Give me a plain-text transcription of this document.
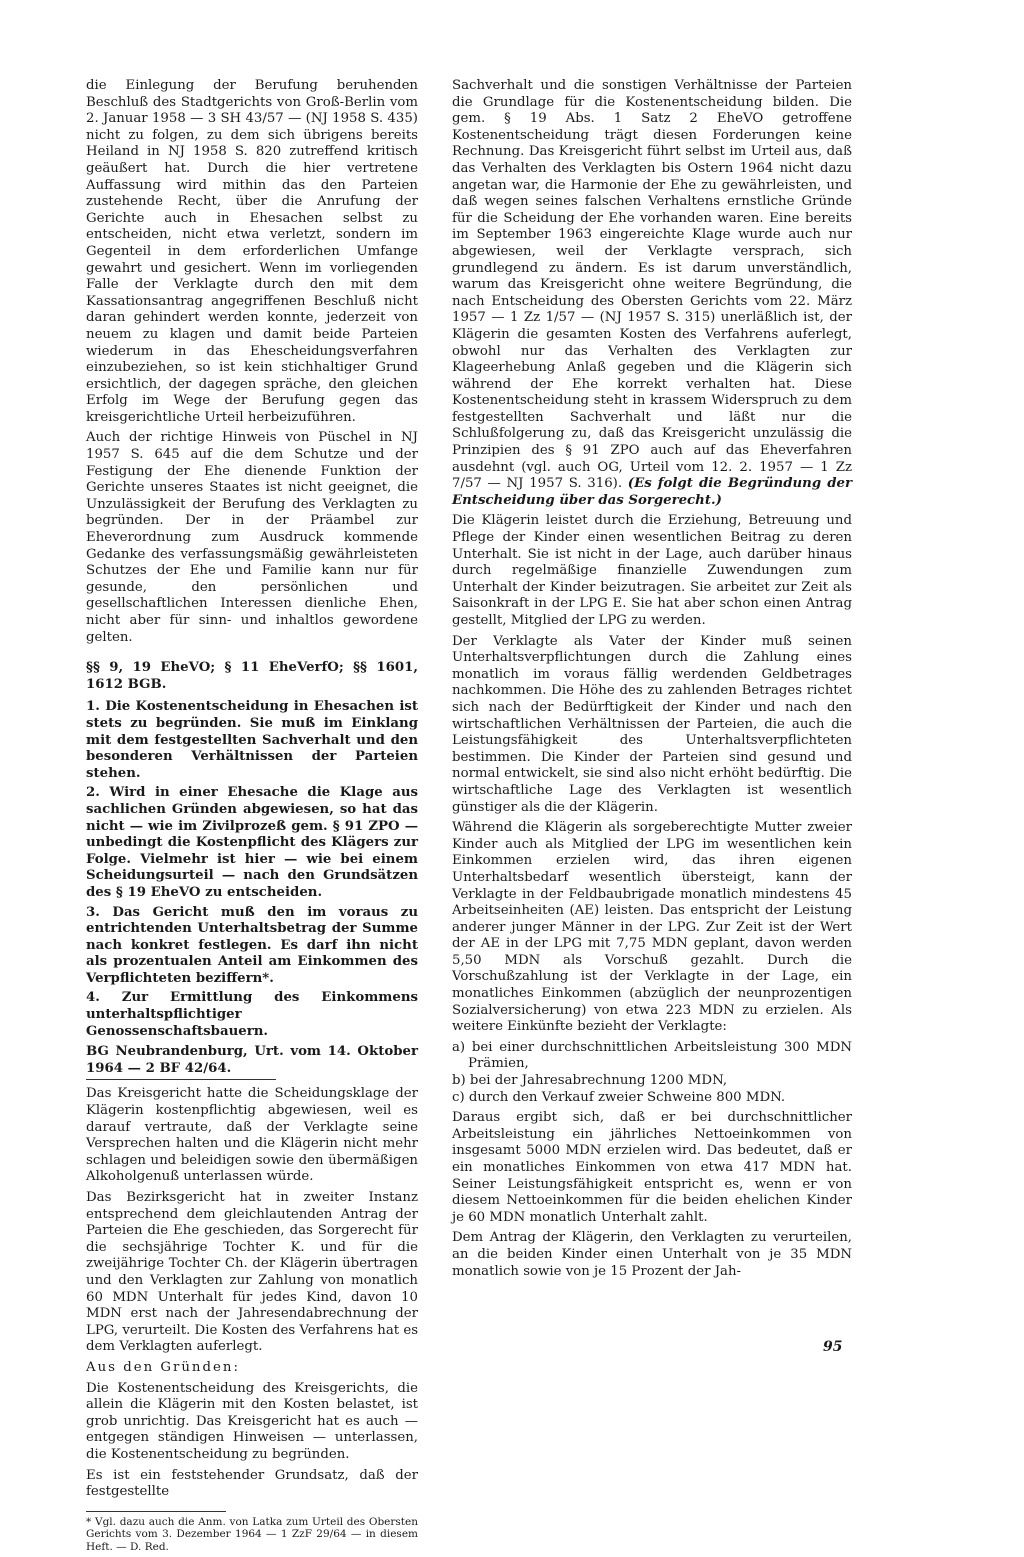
die Einlegung der Berufung beruhenden Beschluß des Stadtgerichts von Groß-Berlin vom 2. Januar 1958 — 3 SH 43/57 — (NJ 1958 S. 435) nicht zu folgen, zu dem sich übrigens bereits Heiland in NJ 1958 S. 820 zutreffend kritisch geäußert hat. Durch die hier vertretene Auffassung wird mithin das den Parteien zustehende Recht, über die Anrufung der Gerichte auch in Ehesachen selbst zu entscheiden, nicht etwa verletzt, sondern im Gegenteil in dem erforderlichen Umfange gewahrt und gesichert. Wenn im vorliegenden Falle der Verklagte durch den mit dem Kassationsantrag angegriffenen Beschluß nicht daran gehindert werden konnte, jederzeit von neuem zu klagen und damit beide Parteien wiederum in das Ehescheidungsverfahren einzubeziehen, so ist kein stichhaltiger Grund ersichtlich, der dagegen spräche, den gleichen Erfolg im Wege der Berufung gegen das kreisgerichtliche Urteil herbeizuführen.

Auch der richtige Hinweis von Püschel in NJ 1957 S. 645 auf die dem Schutze und der Festigung der Ehe dienende Funktion der Gerichte unseres Staates ist nicht geeignet, die Unzulässigkeit der Berufung des Verklagten zu begründen. Der in der Präambel zur Eheverordnung zum Ausdruck kommende Gedanke des verfassungsmäßig gewährleisteten Schutzes der Ehe und Familie kann nur für gesunde, den persönlichen und gesellschaftlichen Interessen dienliche Ehen, nicht aber für sinn- und inhaltlos gewordene gelten.

§§ 9, 19 EheVO; § 11 EheVerfO; §§ 1601, 1612 BGB.

1. Die Kostenentscheidung in Ehesachen ist stets zu begründen. Sie muß im Einklang mit dem festgestellten Sachverhalt und den besonderen Verhältnissen der Parteien stehen.

2. Wird in einer Ehesache die Klage aus sachlichen Gründen abgewiesen, so hat das nicht — wie im Zivilprozeß gem. § 91 ZPO — unbedingt die Kostenpflicht des Klägers zur Folge. Vielmehr ist hier — wie bei einem Scheidungsurteil — nach den Grundsätzen des § 19 EheVO zu entscheiden.

3. Das Gericht muß den im voraus zu entrichtenden Unterhaltsbetrag der Summe nach konkret festlegen. Es darf ihn nicht als prozentualen Anteil am Einkommen des Verpflichteten beziffern*.

4. Zur Ermittlung des Einkommens unterhaltspflichtiger Genossenschaftsbauern.

BG Neubrandenburg, Urt. vom 14. Oktober 1964 — 2 BF 42/64.

Das Kreisgericht hatte die Scheidungsklage der Klägerin kostenpflichtig abgewiesen, weil es darauf vertraute, daß der Verklagte seine Versprechen halten und die Klägerin nicht mehr schlagen und beleidigen sowie den übermäßigen Alkoholgenuß unterlassen würde.

Das Bezirksgericht hat in zweiter Instanz entsprechend dem gleichlautenden Antrag der Parteien die Ehe geschieden, das Sorgerecht für die sechsjährige Tochter K. und für die zweijährige Tochter Ch. der Klägerin übertragen und den Verklagten zur Zahlung von monatlich 60 MDN Unterhalt für jedes Kind, davon 10 MDN erst nach der Jahresendabrechnung der LPG, verurteilt. Die Kosten des Verfahrens hat es dem Verklagten auferlegt.

Aus den Gründen:

Die Kostenentscheidung des Kreisgerichts, die allein die Klägerin mit den Kosten belastet, ist grob unrichtig. Das Kreisgericht hat es auch — entgegen ständigen Hinweisen — unterlassen, die Kostenentscheidung zu begründen.

Es ist ein feststehender Grundsatz, daß der festgestellte

* Vgl. dazu auch die Anm. von Latka zum Urteil des Obersten Gerichts vom 3. Dezember 1964 — 1 ZzF 29/64 — in diesem Heft. — D. Red.

Sachverhalt und die sonstigen Verhältnisse der Parteien die Grundlage für die Kostenentscheidung bilden. Die gem. § 19 Abs. 1 Satz 2 EheVO getroffene Kostenentscheidung trägt diesen Forderungen keine Rechnung. Das Kreisgericht führt selbst im Urteil aus, daß das Verhalten des Verklagten bis Ostern 1964 nicht dazu angetan war, die Harmonie der Ehe zu gewährleisten, und daß wegen seines falschen Verhaltens ernstliche Gründe für die Scheidung der Ehe vorhanden waren. Eine bereits im September 1963 eingereichte Klage wurde auch nur abgewiesen, weil der Verklagte versprach, sich grundlegend zu ändern. Es ist darum unverständlich, warum das Kreisgericht ohne weitere Begründung, die nach Entscheidung des Obersten Gerichts vom 22. März 1957 — 1 Zz 1/57 — (NJ 1957 S. 315) unerläßlich ist, der Klägerin die gesamten Kosten des Verfahrens auferlegt, obwohl nur das Verhalten des Verklagten zur Klageerhebung Anlaß gegeben und die Klägerin sich während der Ehe korrekt verhalten hat. Diese Kostenentscheidung steht in krassem Widerspruch zu dem festgestellten Sachverhalt und läßt nur die Schlußfolgerung zu, daß das Kreisgericht unzulässig die Prinzipien des § 91 ZPO auch auf das Eheverfahren ausdehnt (vgl. auch OG, Urteil vom 12. 2. 1957 — 1 Zz 7/57 — NJ 1957 S. 316). (Es folgt die Begründung der Entscheidung über das Sorgerecht.)

Die Klägerin leistet durch die Erziehung, Betreuung und Pflege der Kinder einen wesentlichen Beitrag zu deren Unterhalt. Sie ist nicht in der Lage, auch darüber hinaus durch regelmäßige finanzielle Zuwendungen zum Unterhalt der Kinder beizutragen. Sie arbeitet zur Zeit als Saisonkraft in der LPG E. Sie hat aber schon einen Antrag gestellt, Mitglied der LPG zu werden.

Der Verklagte als Vater der Kinder muß seinen Unterhaltsverpflichtungen durch die Zahlung eines monatlich im voraus fällig werdenden Geldbetrages nachkommen. Die Höhe des zu zahlenden Betrages richtet sich nach der Bedürftigkeit der Kinder und nach den wirtschaftlichen Verhältnissen der Parteien, die auch die Leistungsfähigkeit des Unterhaltsverpflichteten bestimmen. Die Kinder der Parteien sind gesund und normal entwickelt, sie sind also nicht erhöht bedürftig. Die wirtschaftliche Lage des Verklagten ist wesentlich günstiger als die der Klägerin.

Während die Klägerin als sorgeberechtigte Mutter zweier Kinder auch als Mitglied der LPG im wesentlichen kein Einkommen erzielen wird, das ihren eigenen Unterhaltsbedarf wesentlich übersteigt, kann der Verklagte in der Feldbaubrigade monatlich mindestens 45 Arbeitseinheiten (AE) leisten. Das entspricht der Leistung anderer junger Männer in der LPG. Zur Zeit ist der Wert der AE in der LPG mit 7,75 MDN geplant, davon werden 5,50 MDN als Vorschuß gezahlt. Durch die Vorschußzahlung ist der Verklagte in der Lage, ein monatliches Einkommen (abzüglich der neunprozentigen Sozialversicherung) von etwa 223 MDN zu erzielen. Als weitere Einkünfte bezieht der Verklagte:

a) bei einer durchschnittlichen Arbeitsleistung 300 MDN Prämien,
b) bei der Jahresabrechnung 1200 MDN,
c) durch den Verkauf zweier Schweine 800 MDN.

Daraus ergibt sich, daß er bei durchschnittlicher Arbeitsleistung ein jährliches Nettoeinkommen von insgesamt 5000 MDN erzielen wird. Das bedeutet, daß er ein monatliches Einkommen von etwa 417 MDN hat. Seiner Leistungsfähigkeit entspricht es, wenn er von diesem Nettoeinkommen für die beiden ehelichen Kinder je 60 MDN monatlich Unterhalt zahlt.

Dem Antrag der Klägerin, den Verklagten zu verurteilen, an die beiden Kinder einen Unterhalt von je 35 MDN monatlich sowie von je 15 Prozent der Jah-

95
